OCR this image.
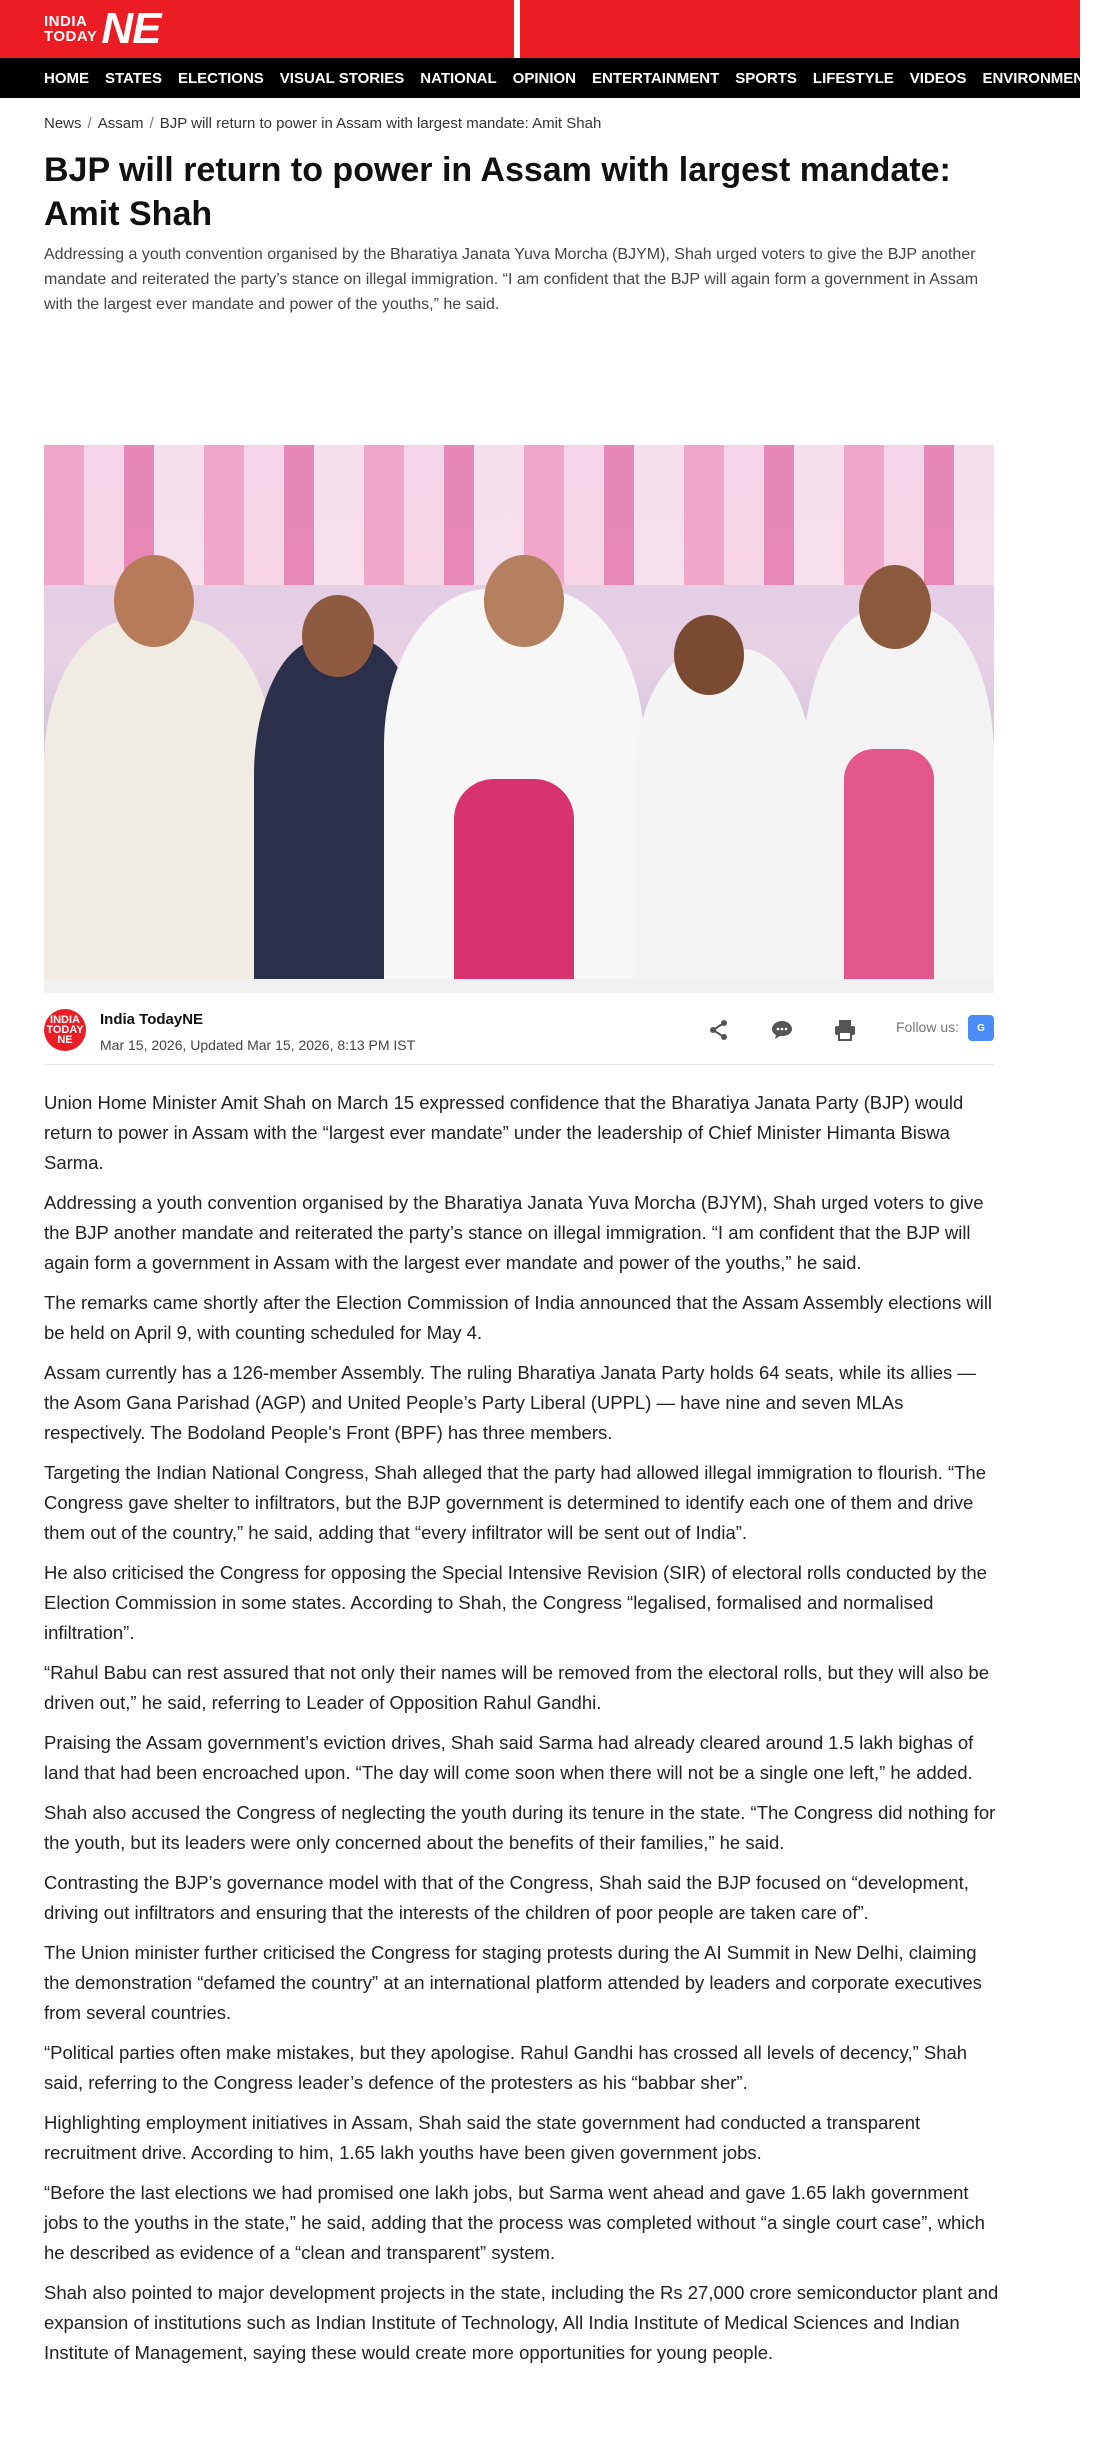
INDIA
TODAY NE
HOME STATES ELECTIONS VISUAL STORIES NATIONAL OPINION ENTERTAINMENT SPORTS LIFESTYLE VIDEOS ENVIRONMENT
News / Assam / BJP will return to power in Assam with largest mandate: Amit Shah
BJP will return to power in Assam with largest mandate: Amit Shah

Addressing a youth convention organised by the Bharatiya Janata Yuva Morcha (BJYM), Shah urged voters to give the BJP another mandate and reiterated the party’s stance on illegal immigration. “I am confident that the BJP will again form a government in Assam with the largest ever mandate and power of the youths,” he said.

INDIA TODAY NE
India TodayNE
Mar 15, 2026, Updated Mar 15, 2026, 8:13 PM IST
Follow us:	G

Union Home Minister Amit Shah on March 15 expressed confidence that the Bharatiya Janata Party (BJP) would return to power in Assam with the “largest ever mandate” under the leadership of Chief Minister Himanta Biswa Sarma.

Addressing a youth convention organised by the Bharatiya Janata Yuva Morcha (BJYM), Shah urged voters to give the BJP another mandate and reiterated the party’s stance on illegal immigration. “I am confident that the BJP will again form a government in Assam with the largest ever mandate and power of the youths,” he said.

The remarks came shortly after the Election Commission of India announced that the Assam Assembly elections will be held on April 9, with counting scheduled for May 4.

Assam currently has a 126-member Assembly. The ruling Bharatiya Janata Party holds 64 seats, while its allies — the Asom Gana Parishad (AGP) and United People’s Party Liberal (UPPL) — have nine and seven MLAs respectively. The Bodoland People's Front (BPF) has three members.

Targeting the Indian National Congress, Shah alleged that the party had allowed illegal immigration to flourish. “The Congress gave shelter to infiltrators, but the BJP government is determined to identify each one of them and drive them out of the country,” he said, adding that “every infiltrator will be sent out of India”.

He also criticised the Congress for opposing the Special Intensive Revision (SIR) of electoral rolls conducted by the Election Commission in some states. According to Shah, the Congress “legalised, formalised and normalised infiltration”.

“Rahul Babu can rest assured that not only their names will be removed from the electoral rolls, but they will also be driven out,” he said, referring to Leader of Opposition Rahul Gandhi.

Praising the Assam government’s eviction drives, Shah said Sarma had already cleared around 1.5 lakh bighas of land that had been encroached upon. “The day will come soon when there will not be a single one left,” he added.

Shah also accused the Congress of neglecting the youth during its tenure in the state. “The Congress did nothing for the youth, but its leaders were only concerned about the benefits of their families,” he said.

Contrasting the BJP’s governance model with that of the Congress, Shah said the BJP focused on “development, driving out infiltrators and ensuring that the interests of the children of poor people are taken care of”.

The Union minister further criticised the Congress for staging protests during the AI Summit in New Delhi, claiming the demonstration “defamed the country” at an international platform attended by leaders and corporate executives from several countries.

“Political parties often make mistakes, but they apologise. Rahul Gandhi has crossed all levels of decency,” Shah said, referring to the Congress leader’s defence of the protesters as his “babbar sher”.

Highlighting employment initiatives in Assam, Shah said the state government had conducted a transparent recruitment drive. According to him, 1.65 lakh youths have been given government jobs.

“Before the last elections we had promised one lakh jobs, but Sarma went ahead and gave 1.65 lakh government jobs to the youths in the state,” he said, adding that the process was completed without “a single court case”, which he described as evidence of a “clean and transparent” system.

Shah also pointed to major development projects in the state, including the Rs 27,000 crore semiconductor plant and expansion of institutions such as Indian Institute of Technology, All India Institute of Medical Sciences and Indian Institute of Management, saying these would create more opportunities for young people.
